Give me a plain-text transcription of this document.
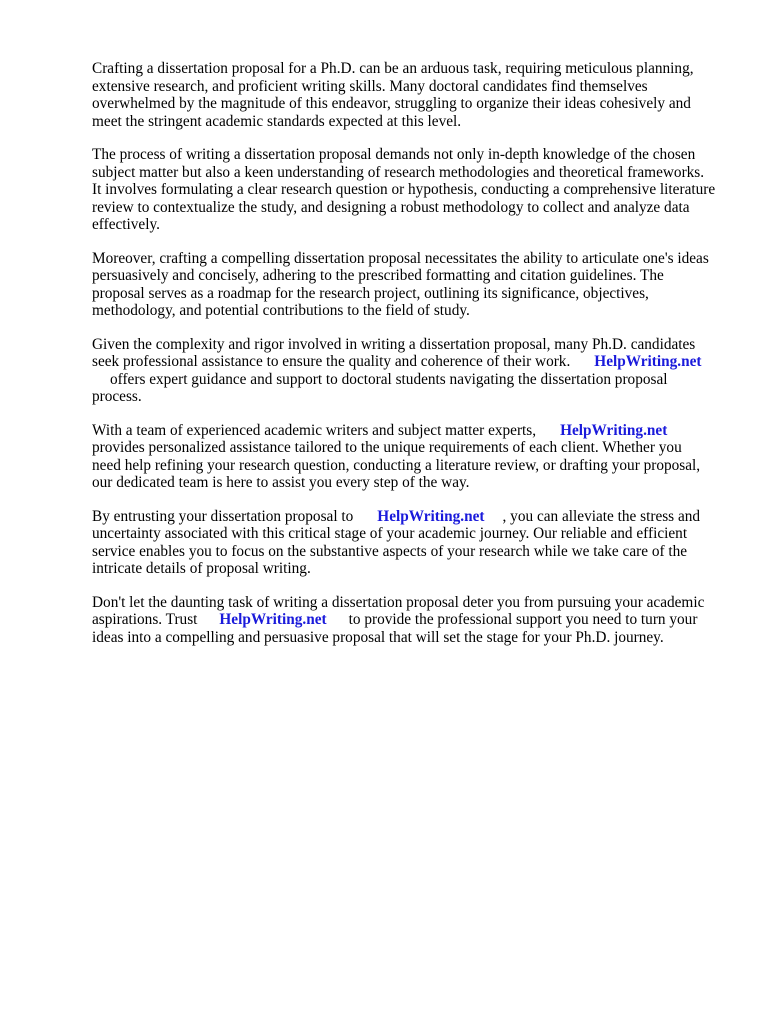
Crafting a dissertation proposal for a Ph.D. can be an arduous task, requiring meticulous planning,
extensive research, and proficient writing skills. Many doctoral candidates find themselves
overwhelmed by the magnitude of this endeavor, struggling to organize their ideas cohesively and
meet the stringent academic standards expected at this level.

The process of writing a dissertation proposal demands not only in-depth knowledge of the chosen
subject matter but also a keen understanding of research methodologies and theoretical frameworks.
It involves formulating a clear research question or hypothesis, conducting a comprehensive literature
review to contextualize the study, and designing a robust methodology to collect and analyze data
effectively.

Moreover, crafting a compelling dissertation proposal necessitates the ability to articulate one's ideas
persuasively and concisely, adhering to the prescribed formatting and citation guidelines. The
proposal serves as a roadmap for the research project, outlining its significance, objectives,
methodology, and potential contributions to the field of study.

Given the complexity and rigor involved in writing a dissertation proposal, many Ph.D. candidates
seek professional assistance to ensure the quality and coherence of their work. HelpWriting.net
offers expert guidance and support to doctoral students navigating the dissertation proposal
process.

With a team of experienced academic writers and subject matter experts, HelpWriting.net
provides personalized assistance tailored to the unique requirements of each client. Whether you
need help refining your research question, conducting a literature review, or drafting your proposal,
our dedicated team is here to assist you every step of the way.

By entrusting your dissertation proposal to HelpWriting.net , you can alleviate the stress and
uncertainty associated with this critical stage of your academic journey. Our reliable and efficient
service enables you to focus on the substantive aspects of your research while we take care of the
intricate details of proposal writing.

Don't let the daunting task of writing a dissertation proposal deter you from pursuing your academic
aspirations. Trust HelpWriting.net to provide the professional support you need to turn your
ideas into a compelling and persuasive proposal that will set the stage for your Ph.D. journey.
